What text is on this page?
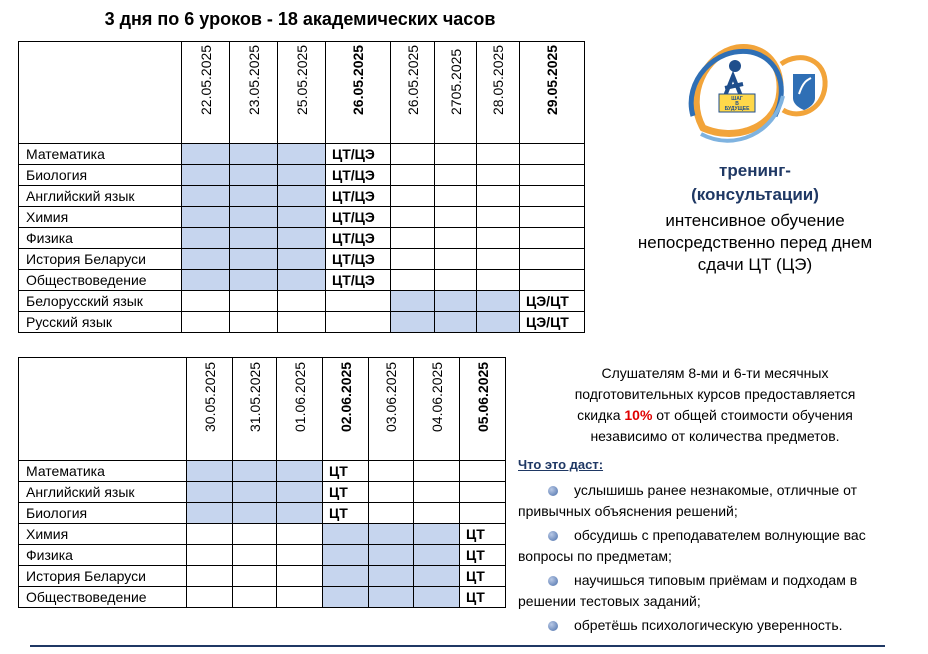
3 дня по 6 уроков - 18 академических часов

	22.05.2025	23.05.2025	25.05.2025	26.05.2025	26.05.2025	2705.2025	28.05.2025	29.05.2025

Математика				ЦТ/ЦЭ				
Биология				ЦТ/ЦЭ				
Английский язык				ЦТ/ЦЭ				
Химия				ЦТ/ЦЭ				
Физика				ЦТ/ЦЭ				
История Беларуси				ЦТ/ЦЭ				
Обществоведение				ЦТ/ЦЭ				
Белорусский язык								ЦЭ/ЦТ
Русский язык								ЦЭ/ЦТ

	30.05.2025	31.05.2025	01.06.2025	02.06.2025	03.06.2025	04.06.2025	05.06.2025

Математика				ЦТ			
Английский язык				ЦТ			
Биология				ЦТ			
Химия							ЦТ
Физика							ЦТ
История Беларуси							ЦТ
Обществоведение							ЦТ
ШАГ
В
БУДУЩЕЕ
тренинг-
(консультации)
интенсивное обучение
непосредственно перед днем
сдачи ЦТ (ЦЭ)
Слушателям 8-ми и 6-ти месячных
подготовительных курсов предоставляется
скидка 10% от общей стоимости обучения
независимо от количества предметов.
Что это даст:
услышишь ранее незнакомые, отличные от привычных объяснения решений;
обсудишь с преподавателем волнующие вас вопросы по предметам;
научишься типовым приёмам и подходам в решении тестовых заданий;
обретёшь психологическую уверенность.
